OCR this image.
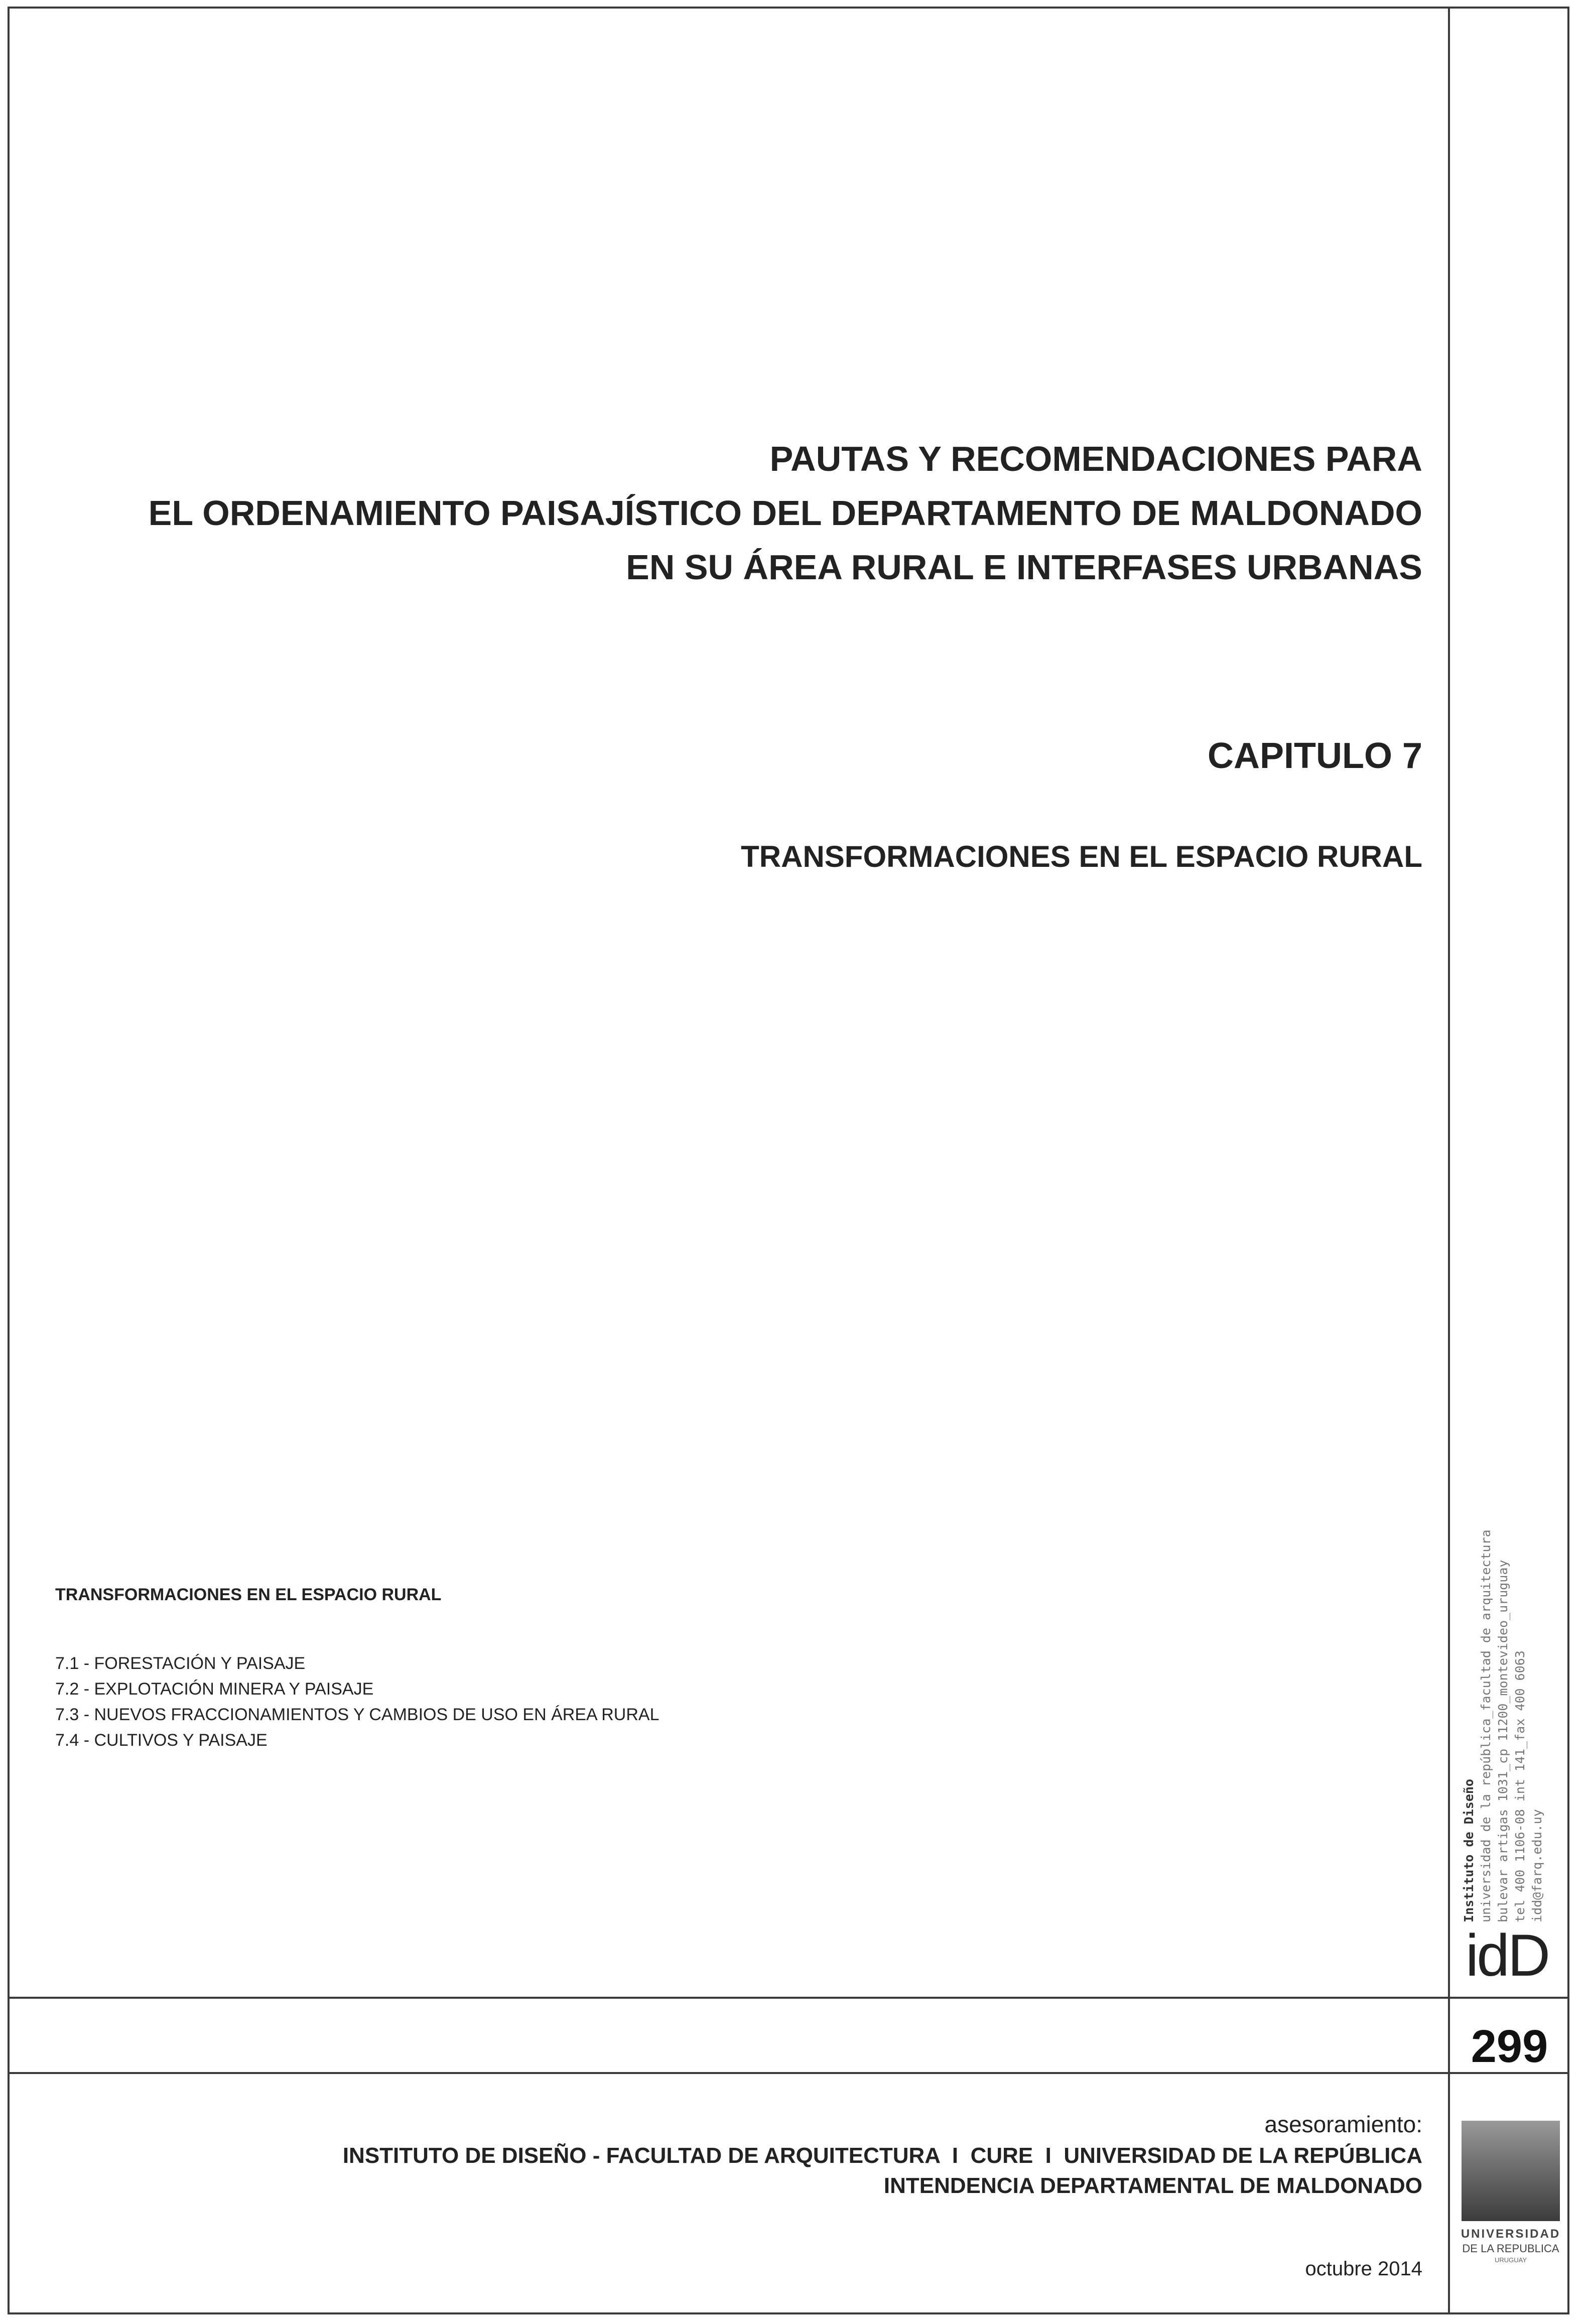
PAUTAS Y RECOMENDACIONES PARA
EL ORDENAMIENTO PAISAJÍSTICO DEL DEPARTAMENTO DE MALDONADO
EN SU ÁREA RURAL E INTERFASES URBANAS
CAPITULO 7
TRANSFORMACIONES EN EL ESPACIO RURAL
TRANSFORMACIONES EN EL ESPACIO RURAL
7.1 - FORESTACIÓN Y PAISAJE
7.2 - EXPLOTACIÓN MINERA Y PAISAJE
7.3 - NUEVOS FRACCIONAMIENTOS Y CAMBIOS DE USO EN ÁREA RURAL
7.4 - CULTIVOS Y PAISAJE
Instituto de Diseño universidad de la república_facultad de arquitectura bulevar artigas 1031_cp 11200_montevideo_uruguay tel 400 1106-08 int 141_fax 400 6063 idd@farq.edu.uy
idD
299
asesoramiento:
INSTITUTO DE DISEÑO - FACULTAD DE ARQUITECTURA  I  CURE  I  UNIVERSIDAD DE LA REPÚBLICA
INTENDENCIA DEPARTAMENTAL DE MALDONADO
octubre 2014
UNIVERSIDAD
DE LA REPUBLICA
URUGUAY
